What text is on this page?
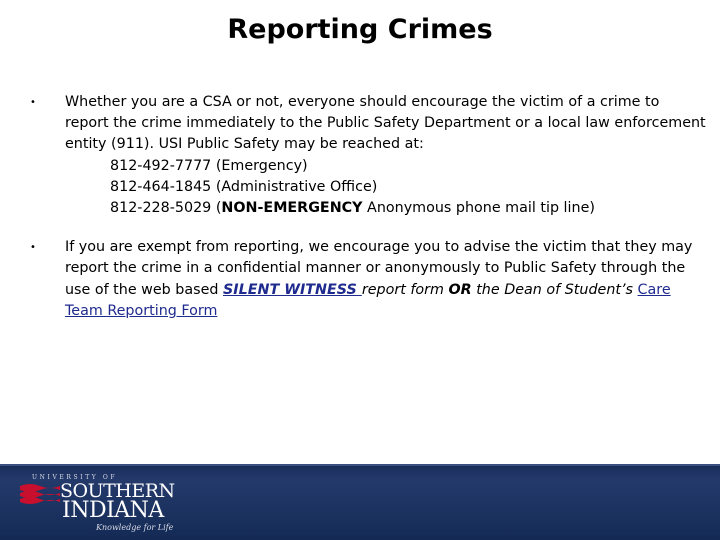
Reporting Crimes
•	Whether you are a CSA or not, everyone should encourage the victim of a crime to report the crime immediately to the Public Safety Department or a local law enforcement entity (911). USI Public Safety may be reached at:
812-492-7777 (Emergency)
812-464-1845 (Administrative Office)
812-228-5029 (NON-EMERGENCY Anonymous phone mail tip line)
•	If you are exempt from reporting, we encourage you to advise the victim that they may report the crime in a confidential manner or anonymously to Public Safety through the use of the web based SILENT WITNESS report form OR the Dean of Student’s Care Team Reporting Form
UNIVERSITY OF
SOUTHERN
INDIANA
Knowledge for Life
